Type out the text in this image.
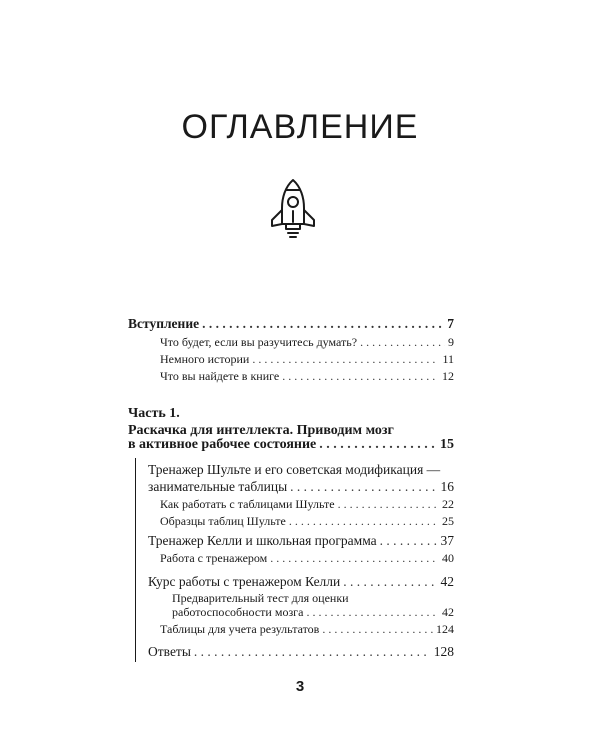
ОГЛАВЛЕНИЕ
Вступление . . .	7
Что будет, если вы разучитесь думать? . . .	9
Немного истории . . .	11
Что вы найдете в книге . . .	12
Часть 1.
Раскачка для интеллекта. Приводим мозг
в активное рабочее состояние . . .	15
Тренажер Шульте и его советская модификация —
занимательные таблицы . . .	16
Как работать с таблицами Шульте . . .	22
Образцы таблиц Шульте . . .	25
Тренажер Келли и школьная программа . . .	37
Работа с тренажером . . .	40
Курс работы с тренажером Келли . . .	42
Предварительный тест для оценки
работоспособности мозга . . .	42
Таблицы для учета результатов . . .	124
Ответы . . .	128
3
